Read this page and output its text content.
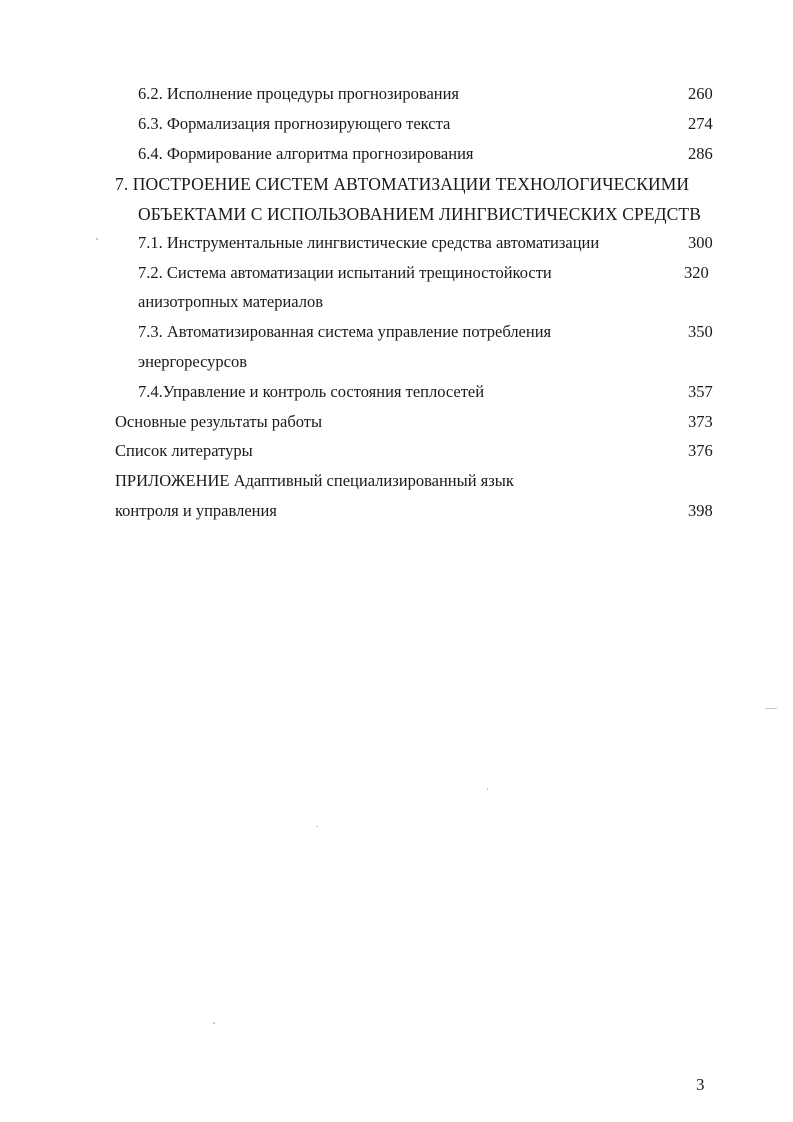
6.2. Исполнение процедуры прогнозирования	260
6.3. Формализация прогнозирующего текста	274
6.4. Формирование алгоритма прогнозирования	286
7. ПОСТРОЕНИЕ СИСТЕМ АВТОМАТИЗАЦИИ ТЕХНОЛОГИЧЕСКИМИ
ОБЪЕКТАМИ С ИСПОЛЬЗОВАНИЕМ ЛИНГВИСТИЧЕСКИХ СРЕДСТВ
7.1. Инструментальные лингвистические средства автоматизации	300
7.2. Система автоматизации испытаний трещиностойкости	320
анизотропных материалов
7.3. Автоматизированная система управление потребления	350
энергоресурсов
7.4.Управление и контроль состояния теплосетей	357
Основные результаты работы	373
Список литературы	376
ПРИЛОЖЕНИЕ Адаптивный специализированный язык
контроля и управления	398
3
